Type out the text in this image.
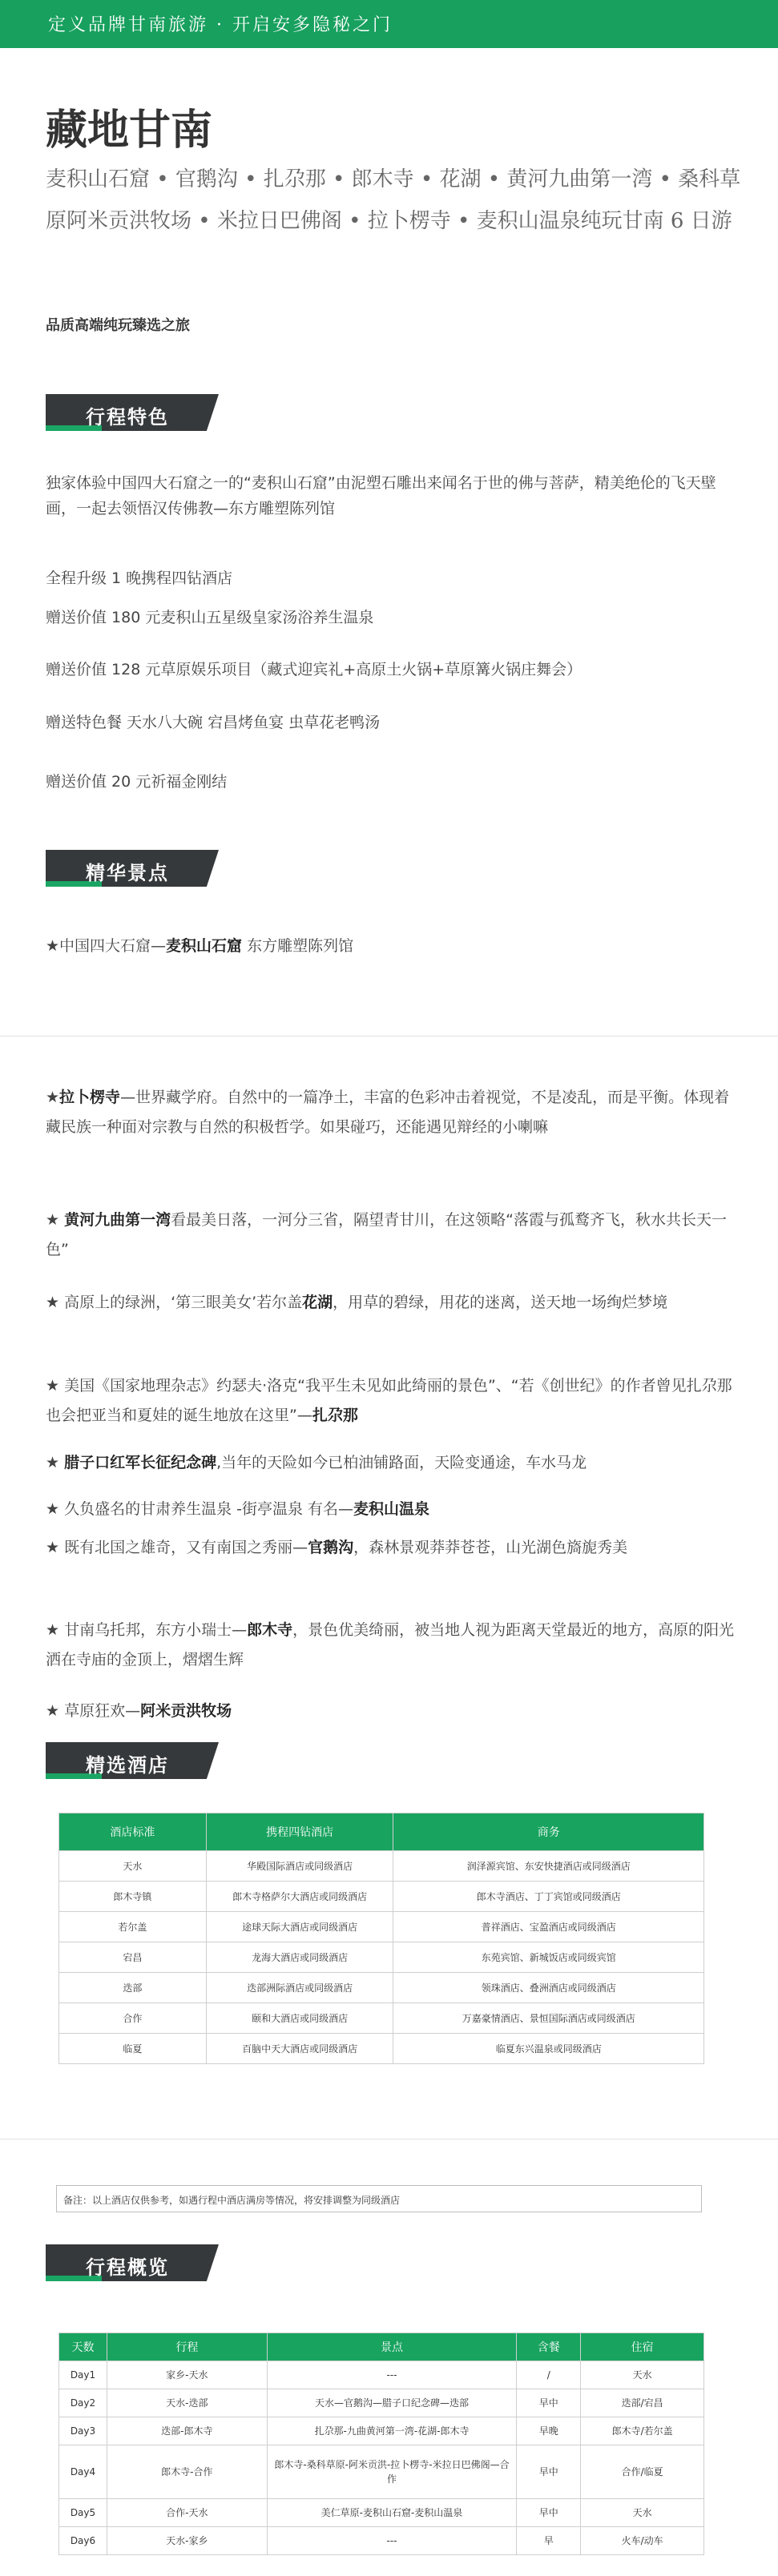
定义品牌甘南旅游 · 开启安多隐秘之门
藏地甘南
麦积山石窟 • 官鹅沟 • 扎尕那 • 郎木寺 • 花湖 • 黄河九曲第一湾 • 桑科草原阿米贡洪牧场 • 米拉日巴佛阁 • 拉卜楞寺 • 麦积山温泉纯玩甘南 6 日游
品质高端纯玩臻选之旅
行程特色
独家体验中国四大石窟之一的“麦积山石窟”由泥塑石雕出来闻名于世的佛与菩萨，精美绝伦的飞天壁画，一起去领悟汉传佛教—东方雕塑陈列馆
全程升级 1 晚携程四钻酒店
赠送价值 180 元麦积山五星级皇家汤浴养生温泉
赠送价值 128 元草原娱乐项目（藏式迎宾礼+高原土火锅+草原篝火锅庄舞会）
赠送特色餐 天水八大碗 宕昌烤鱼宴 虫草花老鸭汤
赠送价值 20 元祈福金刚结
精华景点
★中国四大石窟—麦积山石窟 东方雕塑陈列馆
★拉卜楞寺—世界藏学府。自然中的一篇净土，丰富的色彩冲击着视觉，不是凌乱，而是平衡。体现着藏民族一种面对宗教与自然的积极哲学。如果碰巧，还能遇见辩经的小喇嘛
★ 黄河九曲第一湾看最美日落，一河分三省，隔望青甘川，在这领略“落霞与孤鹜齐飞，秋水共长天一色”
★ 高原上的绿洲，‘第三眼美女’若尔盖花湖，用草的碧绿，用花的迷离，送天地一场绚烂梦境
★ 美国《国家地理杂志》约瑟夫·洛克“我平生未见如此绮丽的景色”、“若《创世纪》的作者曾见扎尕那也会把亚当和夏娃的诞生地放在这里”—扎尕那
★ 腊子口红军长征纪念碑,当年的天险如今已柏油铺路面，天险变通途，车水马龙
★ 久负盛名的甘肃养生温泉 -街亭温泉 有名—麦积山温泉
★ 既有北国之雄奇，又有南国之秀丽—官鹅沟，森林景观莽莽苍苍，山光湖色旖旎秀美
★ 甘南乌托邦，东方小瑞士—郎木寺，景色优美绮丽，被当地人视为距离天堂最近的地方，高原的阳光洒在寺庙的金顶上，熠熠生辉
★ 草原狂欢—阿米贡洪牧场
精选酒店
酒店标准	携程四钻酒店	商务
天水	华殿国际酒店或同级酒店	润泽源宾馆、东安快捷酒店或同级酒店
郎木寺镇	郎木寺格萨尔大酒店或同级酒店	郎木寺酒店、丁丁宾馆或同级酒店
若尔盖	途球天际大酒店或同级酒店	普祥酒店、宝盈酒店或同级酒店
宕昌	龙海大酒店或同级酒店	东苑宾馆、新城饭店或同级宾馆
迭部	迭部洲际酒店或同级酒店	领珠酒店、叠洲酒店或同级酒店
合作	颐和大酒店或同级酒店	万嘉豪情酒店、景恒国际酒店或同级酒店
临夏	百脑中天大酒店或同级酒店	临夏东兴温泉或同级酒店
备注：以上酒店仅供参考，如遇行程中酒店满房等情况，将安排调整为同级酒店
行程概览
天数	行程	景点	含餐	住宿
Day1	家乡-天水	---	/	天水
Day2	天水-迭部	天水—官鹅沟—腊子口纪念碑—迭部	早中	迭部/宕昌
Day3	迭部-郎木寺	扎尕那-九曲黄河第一湾-花湖-郎木寺	早晚	郎木寺/若尔盖
Day4	郎木寺-合作	郎木寺-桑科草原-阿米贡洪-拉卜楞寺-米拉日巴佛阁—合作	早中	合作/临夏
Day5	合作-天水	美仁草原-麦积山石窟-麦积山温泉	早中	天水
Day6	天水-家乡	---	早	火车/动车
